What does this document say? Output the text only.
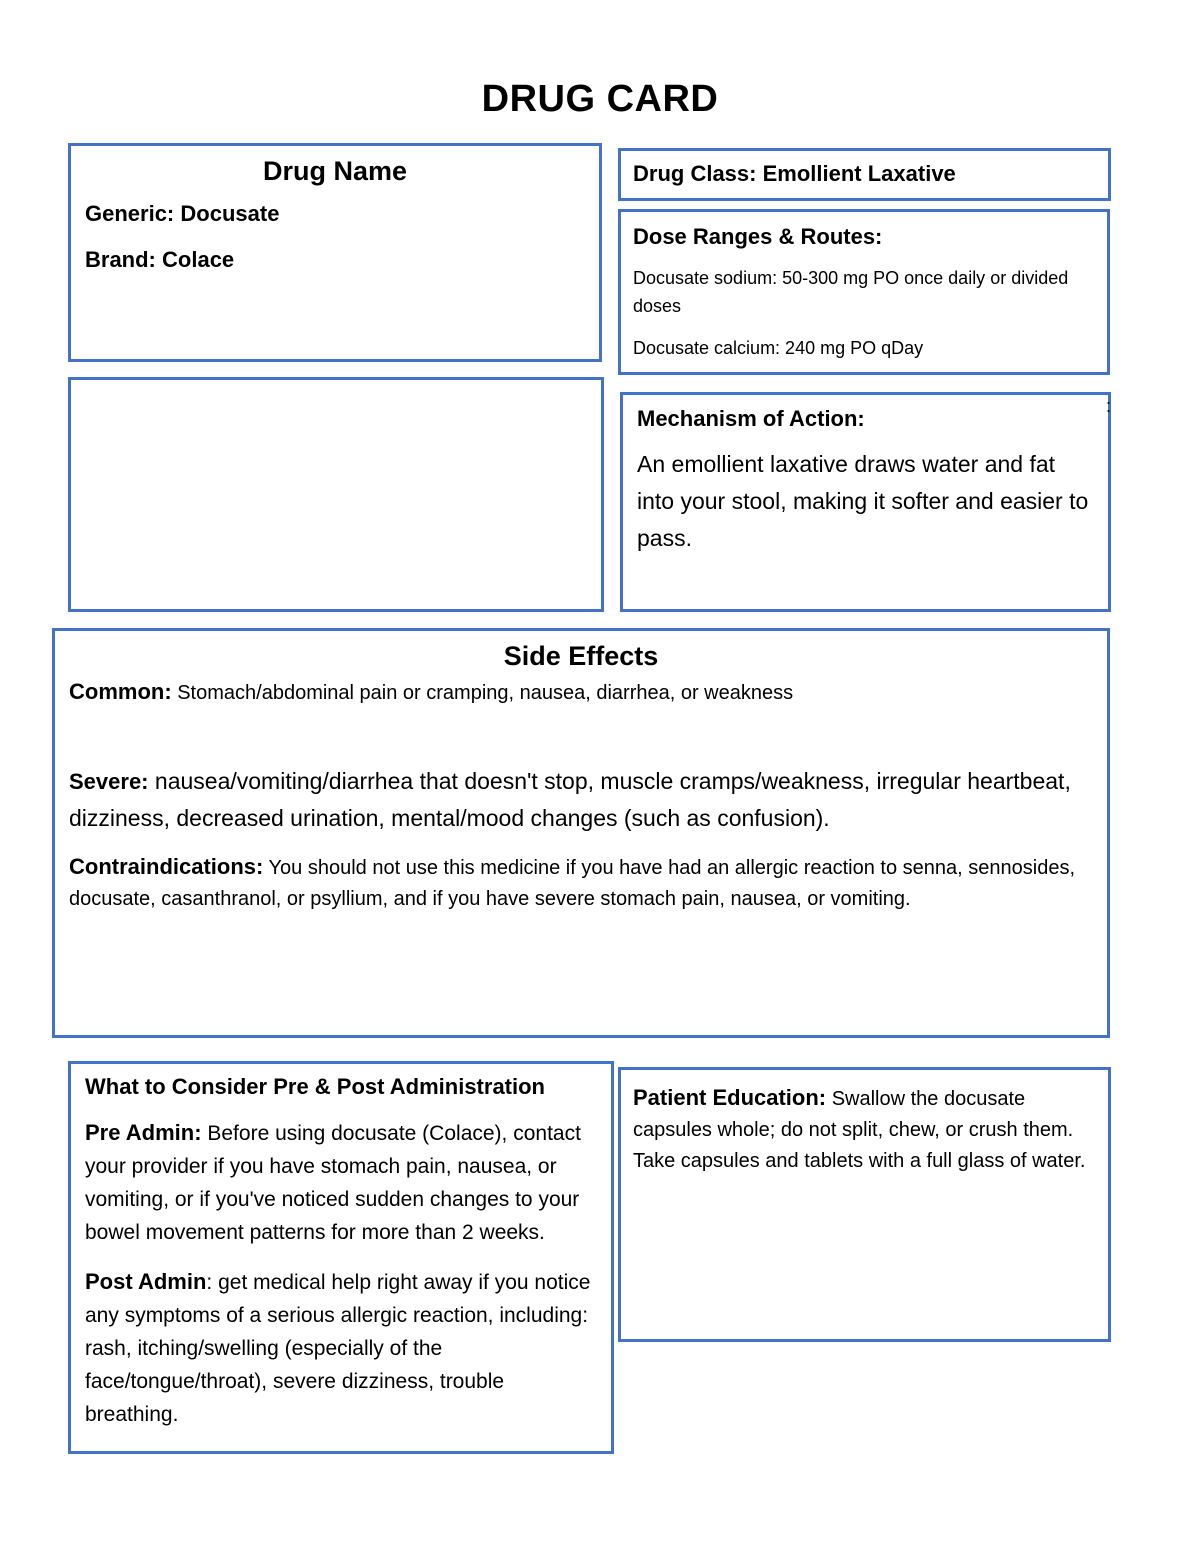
DRUG CARD

Drug Name

Generic: Docusate

Brand: Colace

Drug Class: Emollient Laxative

Dose Ranges & Routes:

Docusate sodium: 50-300 mg PO once daily or divided doses

Docusate calcium: 240 mg PO qDay

Mechanism of Action:

An emollient laxative draws water and fat into your stool, making it softer and easier to pass.

:

Side Effects

Common: Stomach/abdominal pain or cramping, nausea, diarrhea, or weakness

Severe: nausea/vomiting/diarrhea that doesn't stop, muscle cramps/weakness, irregular heartbeat, dizziness, decreased urination, mental/mood changes (such as confusion).

Contraindications: You should not use this medicine if you have had an allergic reaction to senna, sennosides, docusate, casanthranol, or psyllium, and if you have severe stomach pain, nausea, or vomiting.

What to Consider Pre & Post Administration

Pre Admin: Before using docusate (Colace), contact your provider if you have stomach pain, nausea, or vomiting, or if you've noticed sudden changes to your bowel movement patterns for more than 2 weeks.

Post Admin: get medical help right away if you notice any symptoms of a serious allergic reaction, including: rash, itching/swelling (especially of the face/tongue/throat), severe dizziness, trouble breathing.

Patient Education: Swallow the docusate capsules whole; do not split, chew, or crush them. Take capsules and tablets with a full glass of water.
